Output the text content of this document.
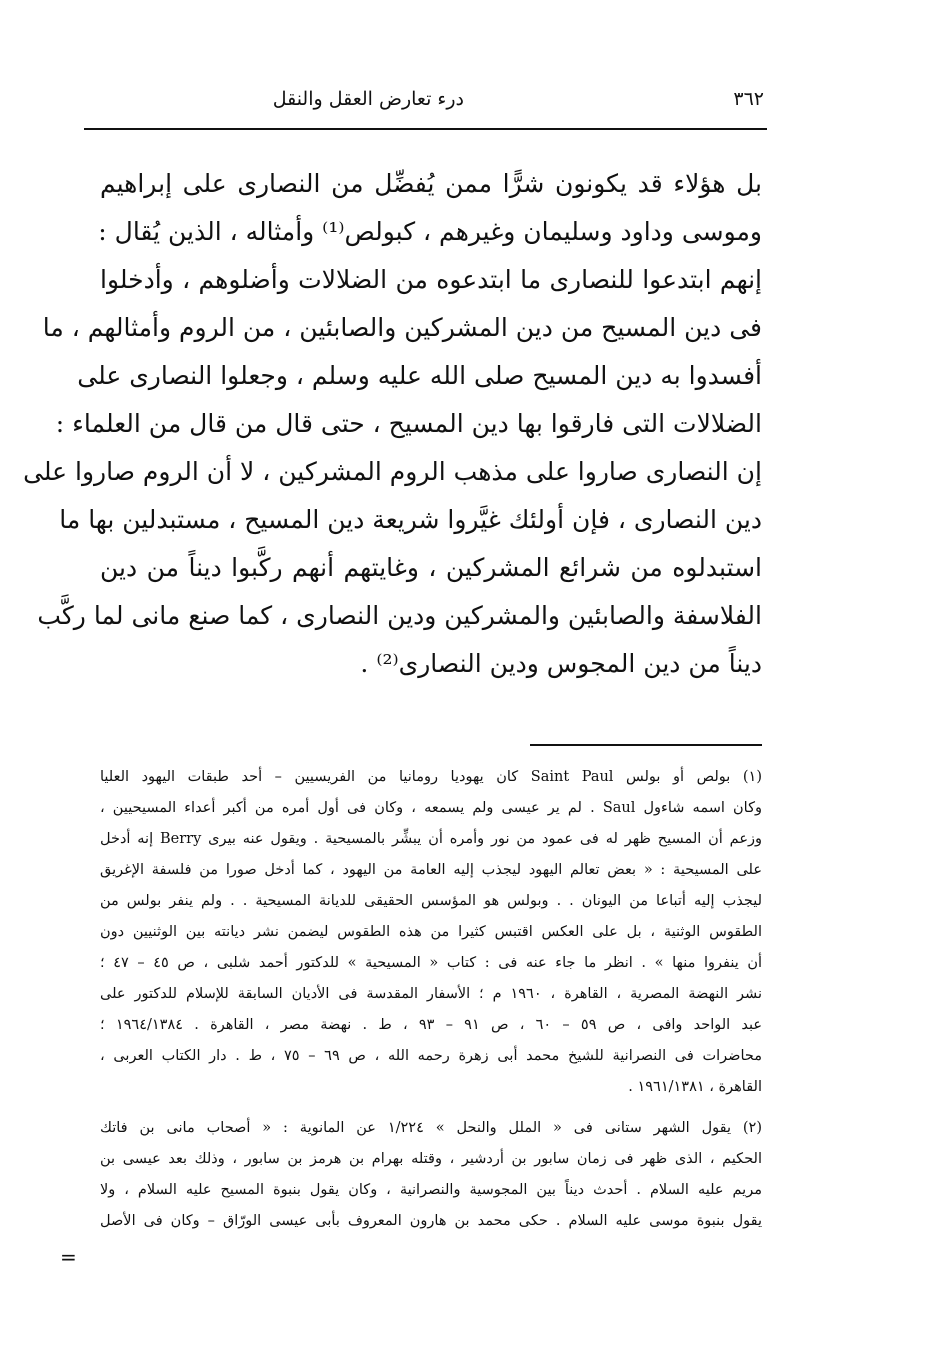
٣٦٢
درء تعارض العقل والنقل
بل هؤلاء قد يكونون شرًّا ممن يُفضِّل من النصارى على إبراهيم
وموسى وداود وسليمان وغيرهم ، كبولص⁽¹⁾ وأمثاله ، الذين يُقال :
إنهم ابتدعوا للنصارى ما ابتدعوه من الضلالات وأضلوهم ، وأدخلوا
فى دين المسيح من دين المشركين والصابئين ، من الروم وأمثالهم ، ما
أفسدوا به دين المسيح صلى الله عليه وسلم ، وجعلوا النصارى على
الضلالات التى فارقوا بها دين المسيح ، حتى قال من قال من العلماء :
إن النصارى صاروا على مذهب الروم المشركين ، لا أن الروم صاروا على
دين النصارى ، فإن أولئك غيَّروا شريعة دين المسيح ، مستبدلين بها ما
استبدلوه من شرائع المشركين ، وغايتهم أنهم ركَّبوا ديناً من دين
الفلاسفة والصابئين والمشركين ودين النصارى ، كما صنع مانى لما ركَّب
ديناً من دين المجوس ودين النصارى⁽²⁾ .
(١) بولص أو بولس Saint Paul كان يهوديا رومانيا من الفريسيين – أحد طبقات اليهود العليا
وكان اسمه شاءول Saul . لم ير عيسى ولم يسمعه ، وكان فى أول أمره من أكبر أعداء المسيحيين ،
وزعم أن المسيح ظهر له فى عمود من نور وأمره أن يبشِّر بالمسيحية . ويقول عنه بيرى Berry إنه أدخل
على المسيحية : « بعض تعالم اليهود ليجذب إليه العامة من اليهود ، كما أدخل صورا من فلسفة الإغريق
ليجذب إليه أتباعا من اليونان . . وبولس هو المؤسس الحقيقى للديانة المسيحية . . ولم ينفر بولس من
الطقوس الوثنية ، بل على العكس اقتبس كثيرا من هذه الطقوس ليضمن نشر ديانته بين الوثنيين دون
أن ينفروا منها » . انظر ما جاء عنه فى : كتاب « المسيحية » للدكتور أحمد شلبى ، ص ٤٥ – ٤٧ ؛
نشر النهضة المصرية ، القاهرة ، ١٩٦٠ م ؛ الأسفار المقدسة فى الأديان السابقة للإسلام للدكتور على
عبد الواحد وافى ، ص ٥٩ – ٦٠ ، ص ٩١ – ٩٣ ، ط . نهضة مصر ، القاهرة . ١٩٦٤/١٣٨٤ ؛
محاضرات فى النصرانية للشيخ محمد أبى زهرة رحمه الله ، ص ٦٩ – ٧٥ ، ط . دار الكتاب العربى ،
القاهرة ، ١٩٦١/١٣٨١ .
(٢) يقول الشهر ستانى فى « الملل والنحل » ١/٢٢٤ عن المانوية : « أصحاب مانى بن فاتك
الحكيم ، الذى ظهر فى زمان سابور بن أردشير ، وقتله بهرام بن هرمز بن سابور ، وذلك بعد عيسى بن
مريم عليه السلام . أحدث ديناً بين المجوسية والنصرانية ، وكان يقول بنبوة المسيح عليه السلام ، ولا
يقول بنبوة موسى عليه السلام . حكى محمد بن هارون المعروف بأبى عيسى الورّاق – وكان فى الأصل
=
